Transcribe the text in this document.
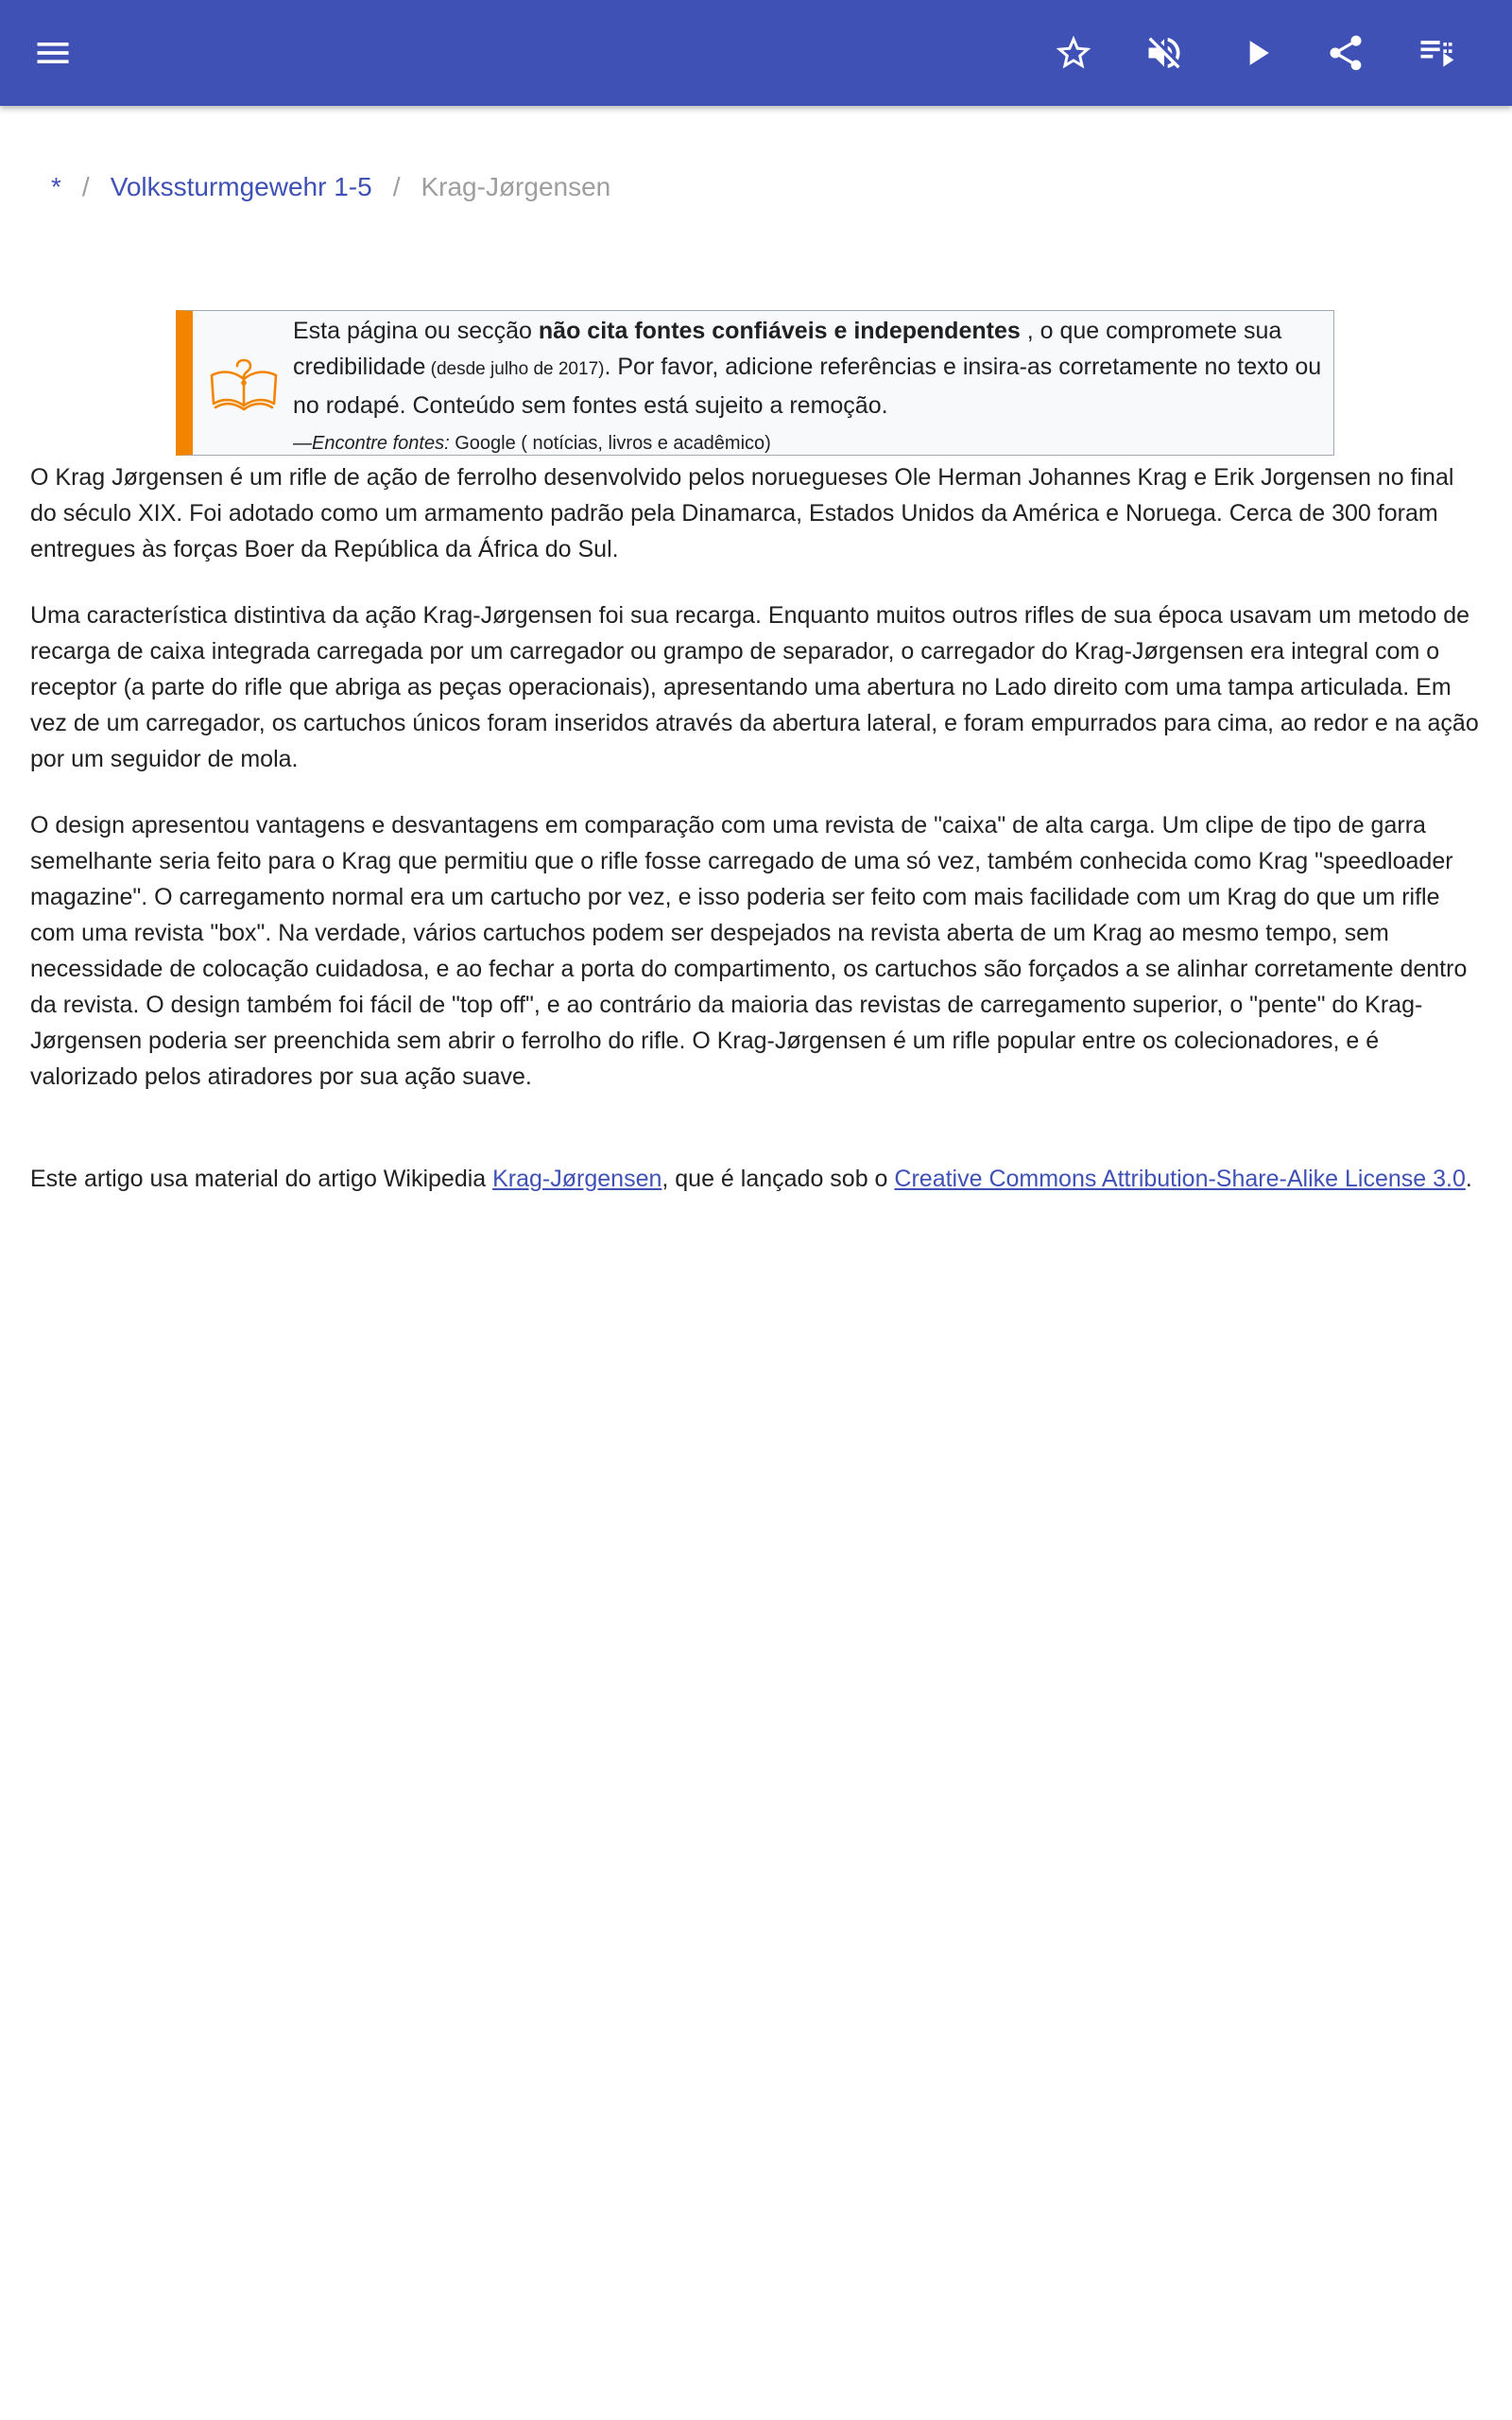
* / Volkssturmgewehr 1-5 / Krag-Jørgensen
Esta página ou secção não cita fontes confiáveis e independentes , o que compromete sua credibilidade (desde julho de 2017). Por favor, adicione referências e insira-as corretamente no texto ou no rodapé. Conteúdo sem fontes está sujeito a remoção.
—Encontre fontes: Google ( notícias, livros e acadêmico)

O Krag Jørgensen é um rifle de ação de ferrolho desenvolvido pelos noruegueses Ole Herman Johannes Krag e Erik Jorgensen no final do século XIX. Foi adotado como um armamento padrão pela Dinamarca, Estados Unidos da América e Noruega. Cerca de 300 foram entregues às forças Boer da República da África do Sul.

Uma característica distintiva da ação Krag-Jørgensen foi sua recarga. Enquanto muitos outros rifles de sua época usavam um metodo de recarga de caixa integrada carregada por um carregador ou grampo de separador, o carregador do Krag-Jørgensen era integral com o receptor (a parte do rifle que abriga as peças operacionais), apresentando uma abertura no Lado direito com uma tampa articulada. Em vez de um carregador, os cartuchos únicos foram inseridos através da abertura lateral, e foram empurrados para cima, ao redor e na ação por um seguidor de mola.

O design apresentou vantagens e desvantagens em comparação com uma revista de "caixa" de alta carga. Um clipe de tipo de garra semelhante seria feito para o Krag que permitiu que o rifle fosse carregado de uma só vez, também conhecida como Krag "speedloader magazine". O carregamento normal era um cartucho por vez, e isso poderia ser feito com mais facilidade com um Krag do que um rifle com uma revista "box". Na verdade, vários cartuchos podem ser despejados na revista aberta de um Krag ao mesmo tempo, sem necessidade de colocação cuidadosa, e ao fechar a porta do compartimento, os cartuchos são forçados a se alinhar corretamente dentro da revista. O design também foi fácil de "top off", e ao contrário da maioria das revistas de carregamento superior, o "pente" do Krag-Jørgensen poderia ser preenchida sem abrir o ferrolho do rifle. O Krag-Jørgensen é um rifle popular entre os colecionadores, e é valorizado pelos atiradores por sua ação suave.

Este artigo usa material do artigo Wikipedia Krag-Jørgensen, que é lançado sob o Creative Commons Attribution-Share-Alike License 3.0.
